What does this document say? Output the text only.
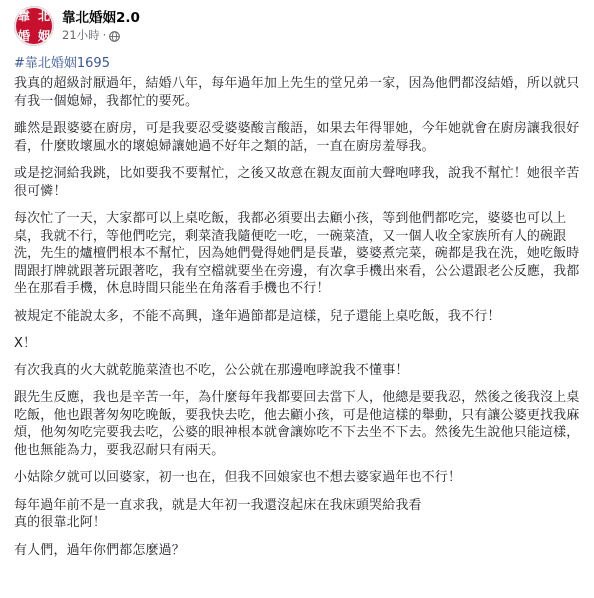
靠 北
婚 姻
靠北婚姻2.0
21小時 ·
#靠北婚姻1695

我真的超級討厭過年，結婚八年，每年過年加上先生的堂兄弟一家，因為他們都沒結婚，所以就只有我一個媳婦，我都忙的要死。

雖然是跟婆婆在廚房，可是我要忍受婆婆酸言酸語，如果去年得罪她，今年她就會在廚房讓我很好看，什麼敗壞風水的壞媳婦讓她過不好年之類的話，一直在廚房羞辱我。

或是挖洞給我跳，比如要我不要幫忙，之後又故意在親友面前大聲咆哮我，說我不幫忙！她很辛苦很可憐！

每次忙了一天，大家都可以上桌吃飯，我都必須要出去顧小孩，等到他們都吃完，婆婆也可以上桌，我就不行，等他們吃完，剩菜渣我隨便吃一吃，一碗菜渣，又一個人收全家族所有人的碗跟洗，先生的爐檀們根本不幫忙，因為她們覺得她們是長輩，婆婆煮完菜，碗都是我在洗，她吃飯時間跟打牌就跟著玩跟著吃，我有空檔就要坐在旁邊，有次拿手機出來看，公公還跟老公反應，我都坐在那看手機，休息時間只能坐在角落看手機也不行！

被規定不能說太多，不能不高興，逢年過節都是這樣，兒子還能上桌吃飯，我不行！

X！

有次我真的火大就乾脆菜渣也不吃，公公就在那邊咆哮說我不懂事！

跟先生反應，我也是辛苦一年，為什麼每年我都要回去當下人，他總是要我忍，然後之後我沒上桌吃飯，他也跟著匆匆吃晚飯，要我快去吃，他去顧小孩，可是他這樣的舉動，只有讓公婆更找我麻煩，他匆匆吃完要我去吃，公婆的眼神根本就會讓妳吃不下去坐不下去。然後先生說他只能這樣，他也無能為力，要我忍耐只有兩天。

小姑除夕就可以回婆家，初一也在，但我不回娘家也不想去婆家過年也不行！

每年過年前不是一直求我，就是大年初一我還沒起床在我床頭哭給我看
真的很靠北阿！

有人們，過年你們都怎麼過？
